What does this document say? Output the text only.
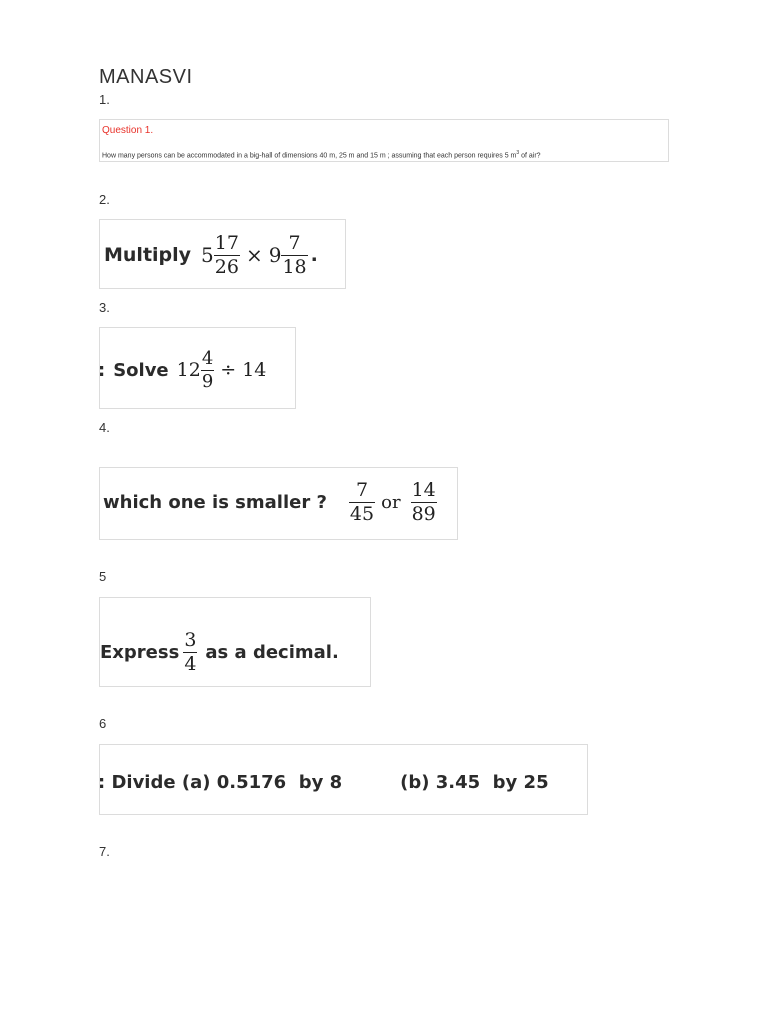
MANASVI
1.
Question 1.
How many persons can be accommodated in a big-hall of dimensions 40 m, 25 m and 15 m ; assuming that each person requires 5 $m^3$ of air?
2.
Multiply $5 \frac{17}{26} \times 9 \frac{7}{18}$ .
3.
: Solve $12 \frac{4}{9} \div 14$
4.
which one is smaller ? $\frac{7}{45}$ or $\frac{14}{89}$
5
Express $\frac{3}{4}$ as a decimal.
6
: Divide (a) 0.5176  by 8	(b) 3.45  by 25
7.
